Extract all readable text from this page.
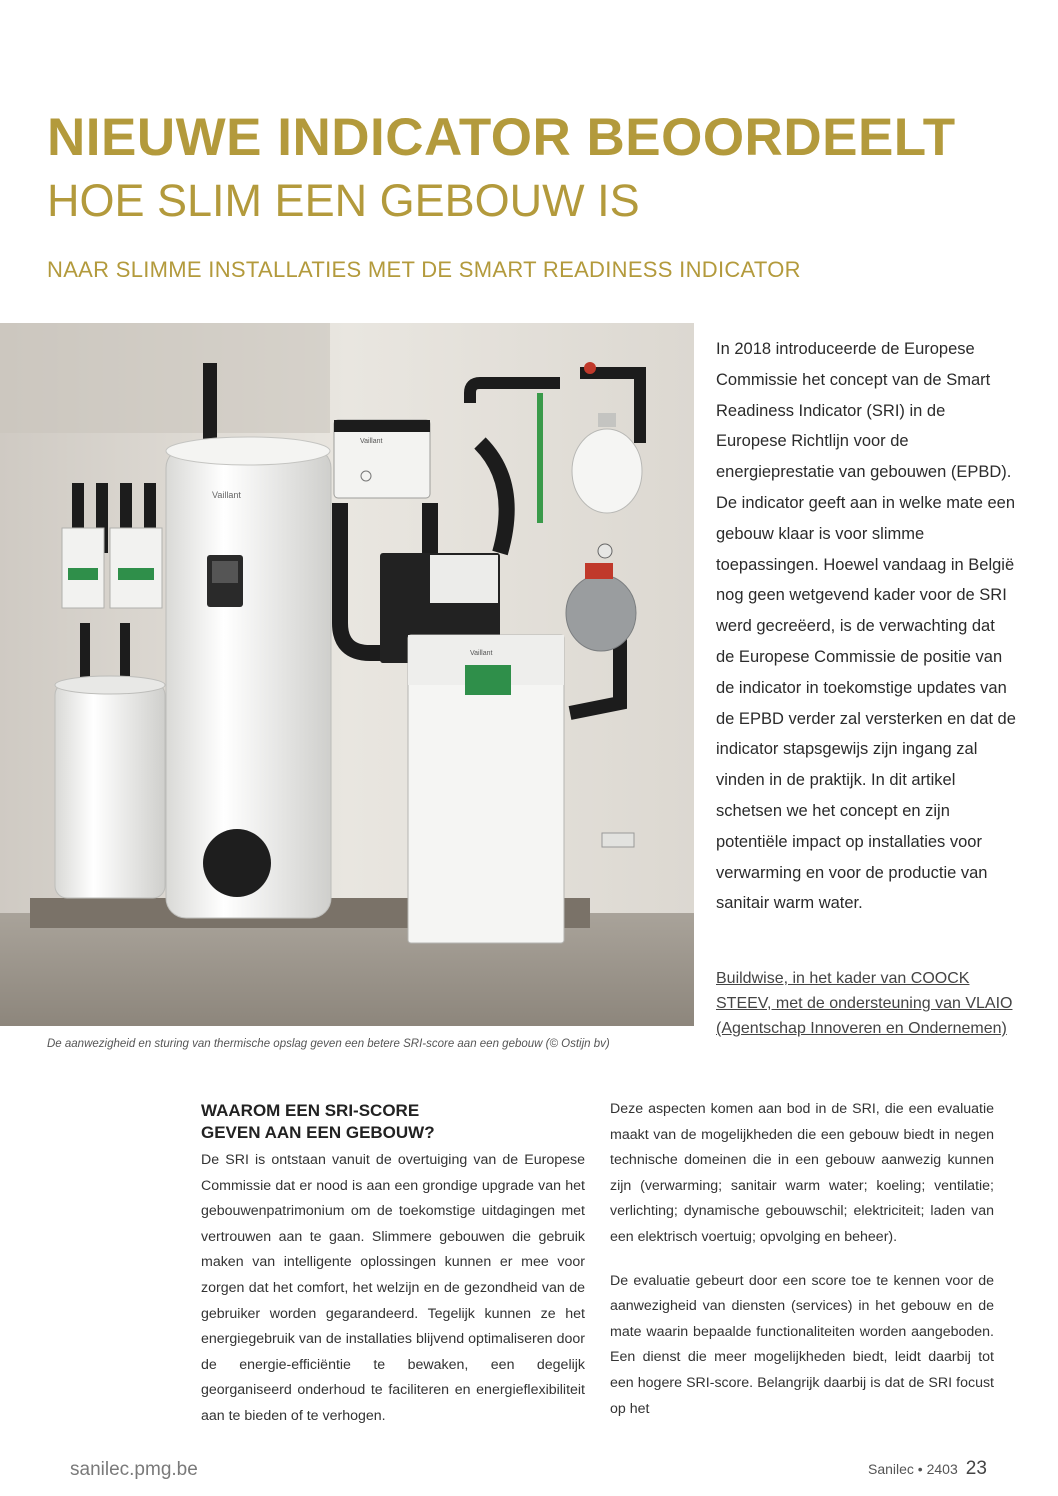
NIEUWE INDICATOR BEOORDEELT
HOE SLIM EEN GEBOUW IS
NAAR SLIMME INSTALLATIES MET DE SMART READINESS INDICATOR
Vaillant
Vaillant
Vaillant
De aanwezigheid en sturing van thermische opslag geven een betere SRI-score aan een gebouw (© Ostijn bv)
In 2018 introduceerde de Europese Commissie het concept van de Smart Readiness Indicator (SRI) in de Europese Richtlijn voor de energieprestatie van gebouwen (EPBD). De indicator geeft aan in welke mate een gebouw klaar is voor slimme toepassingen. Hoewel vandaag in België nog geen wetgevend kader voor de SRI werd gecreëerd, is de verwachting dat de Europese Commissie de positie van de indicator in toekomstige updates van de EPBD verder zal versterken en dat de indicator stapsgewijs zijn ingang zal vinden in de praktijk. In dit artikel schetsen we het concept en zijn potentiële impact op installaties voor verwarming en voor de productie van sanitair warm water.
Buildwise, in het kader van COOCK STEEV, met de ondersteuning van VLAIO (Agentschap Innoveren en Ondernemen)
WAAROM EEN SRI-SCORE
GEVEN AAN EEN GEBOUW?

De SRI is ontstaan vanuit de overtuiging van de Europese Commissie dat er nood is aan een grondige upgrade van het gebouwenpatrimonium om de toekomstige uitdagingen met vertrouwen aan te gaan. Slimmere gebouwen die gebruik maken van intelligente oplossingen kunnen er mee voor zorgen dat het comfort, het welzijn en de gezondheid van de gebruiker worden gegarandeerd. Tegelijk kunnen ze het energiegebruik van de installaties blijvend optimaliseren door de energie-efficiëntie te bewaken, een degelijk georganiseerd onderhoud te faciliteren en energieflexibiliteit aan te bieden of te verhogen.

Deze aspecten komen aan bod in de SRI, die een evaluatie maakt van de mogelijkheden die een gebouw biedt in negen technische domeinen die in een gebouw aanwezig kunnen zijn (verwarming; sanitair warm water; koeling; ventilatie; verlichting; dynamische gebouwschil; elektriciteit; laden van een elektrisch voertuig; opvolging en beheer).

De evaluatie gebeurt door een score toe te kennen voor de aanwezigheid van diensten (services) in het gebouw en de mate waarin bepaalde functionaliteiten worden aangeboden. Een dienst die meer mogelijkheden biedt, leidt daarbij tot een hogere SRI-score. Belangrijk daarbij is dat de SRI focust op het

sanilec.pmg.be	Sanilec • 2403 23
